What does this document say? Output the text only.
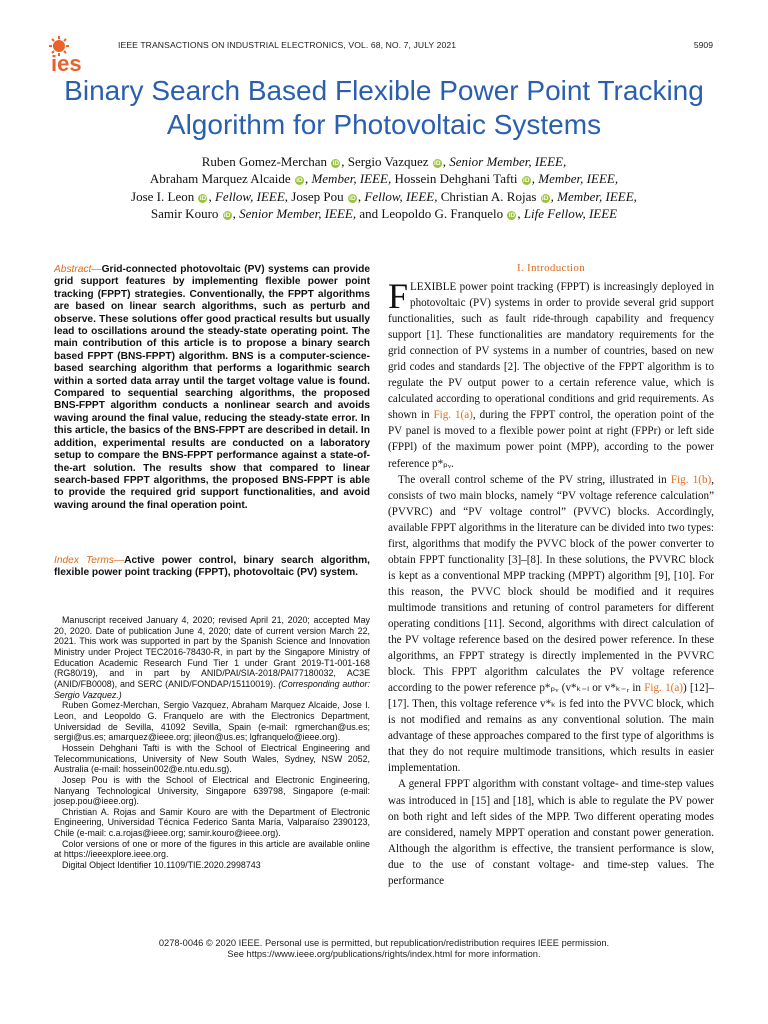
ies
IEEE TRANSACTIONS ON INDUSTRIAL ELECTRONICS, VOL. 68, NO. 7, JULY 2021	5909
Binary Search Based Flexible Power Point Tracking Algorithm for Photovoltaic Systems
Ruben Gomez-Merchan iD , Sergio Vazquez iD , Senior Member, IEEE,
Abraham Marquez Alcaide iD , Member, IEEE, Hossein Dehghani Tafti iD , Member, IEEE,
Jose I. Leon iD , Fellow, IEEE, Josep Pou iD , Fellow, IEEE, Christian A. Rojas iD , Member, IEEE,
Samir Kouro iD , Senior Member, IEEE, and Leopoldo G. Franquelo iD , Life Fellow, IEEE
Abstract—Grid-connected photovoltaic (PV) systems can provide grid support features by implementing flexible power point tracking (FPPT) strategies. Conventionally, the FPPT algorithms are based on linear search algorithms, such as perturb and observe. These solutions offer good practical results but usually lead to oscillations around the steady-state operating point. The main contribution of this article is to propose a binary search based FPPT (BNS-FPPT) algorithm. BNS is a computer-science-based searching algorithm that performs a logarithmic search within a sorted data array until the target voltage value is found. Compared to sequential searching algorithms, the proposed BNS-FPPT algorithm conducts a nonlinear search and avoids waving around the final value, reducing the steady-state error. In this article, the basics of the BNS-FPPT are described in detail. In addition, experimental results are conducted on a laboratory setup to compare the BNS-FPPT performance against a state-of-the-art solution. The results show that compared to linear search-based FPPT algorithms, the proposed BNS-FPPT is able to provide the required grid support functionalities, and avoid waving around the final operation point.
Index Terms—Active power control, binary search algorithm, flexible power point tracking (FPPT), photovoltaic (PV) system.

Manuscript received January 4, 2020; revised April 21, 2020; accepted May 20, 2020. Date of publication June 4, 2020; date of current version March 22, 2021. This work was supported in part by the Spanish Science and Innovation Ministry under Project TEC2016-78430-R, in part by the Singapore Ministry of Education Academic Research Fund Tier 1 under Grant 2019-T1-001-168 (RG80/19), and in part by ANID/PAI/SIA-2018/PAI77180032, AC3E (ANID/FB0008), and SERC (ANID/FONDAP/15110019). (Corresponding author: Sergio Vazquez.)

Ruben Gomez-Merchan, Sergio Vazquez, Abraham Marquez Alcaide, Jose I. Leon, and Leopoldo G. Franquelo are with the Electronics Department, Universidad de Sevilla, 41092 Sevilla, Spain (e-mail: rgmerchan@us.es; sergi@us.es; amarquez@ieee.org; jileon@us.es; lgfranquelo@ieee.org).

Hossein Dehghani Tafti is with the School of Electrical Engineering and Telecommunications, University of New South Wales, Sydney, NSW 2052, Australia (e-mail: hossein002@e.ntu.edu.sg).

Josep Pou is with the School of Electrical and Electronic Engineering, Nanyang Technological University, Singapore 639798, Singapore (e-mail: josep.pou@ieee.org).

Christian A. Rojas and Samir Kouro are with the Department of Electronic Engineering, Universidad Técnica Federico Santa María, Valparaíso 2390123, Chile (e-mail: c.a.rojas@ieee.org; samir.kouro@ieee.org).

Color versions of one or more of the figures in this article are available online at https://ieeexplore.ieee.org.

Digital Object Identifier 10.1109/TIE.2020.2998743

I. Introduction

FLEXIBLE power point tracking (FPPT) is increasingly deployed in photovoltaic (PV) systems in order to provide several grid support functionalities, such as fault ride-through capability and frequency support [1]. These functionalities are mandatory requirements for the grid connection of PV systems in a number of countries, based on new grid codes and standards [2]. The objective of the FPPT algorithm is to regulate the PV output power to a certain reference value, which is calculated according to operational conditions and grid requirements. As shown in Fig. 1(a), during the FPPT control, the operation point of the PV panel is moved to a flexible power point at right (FPPr) or left side (FPPl) of the maximum power point (MPP), according to the power reference p*ₚᵥ.

The overall control scheme of the PV string, illustrated in Fig. 1(b), consists of two main blocks, namely “PV voltage reference calculation” (PVVRC) and “PV voltage control” (PVVC) blocks. Accordingly, available FPPT algorithms in the literature can be divided into two types: first, algorithms that modify the PVVC block of the power converter to obtain FPPT functionality [3]–[8]. In these solutions, the PVVRC block is kept as a conventional MPP tracking (MPPT) algorithm [9], [10]. For this reason, the PVVC block should be modified and it requires multimode transitions and retuning of control parameters for different operating conditions [11]. Second, algorithms with direct calculation of the PV voltage reference based on the desired power reference. In these algorithms, an FPPT strategy is directly implemented in the PVVRC block. This FPPT algorithm calculates the PV voltage reference according to the power reference p*ₚᵥ (v*ₖ₋ₗ or v*ₖ₋ᵣ in Fig. 1(a)) [12]–[17]. Then, this voltage reference v*ₖ is fed into the PVVC block, which is not modified and remains as any conventional solution. The main advantage of these approaches compared to the first type of algorithms is that they do not require multimode transitions, which results in easier implementation.

A general FPPT algorithm with constant voltage- and time-step values was introduced in [15] and [18], which is able to regulate the PV power on both right and left sides of the MPP. Two different operating modes are considered, namely MPPT operation and constant power generation. Although the algorithm is effective, the transient performance is slow, due to the use of constant voltage- and time-step values. The performance

0278-0046 © 2020 IEEE. Personal use is permitted, but republication/redistribution requires IEEE permission.
See https://www.ieee.org/publications/rights/index.html for more information.
